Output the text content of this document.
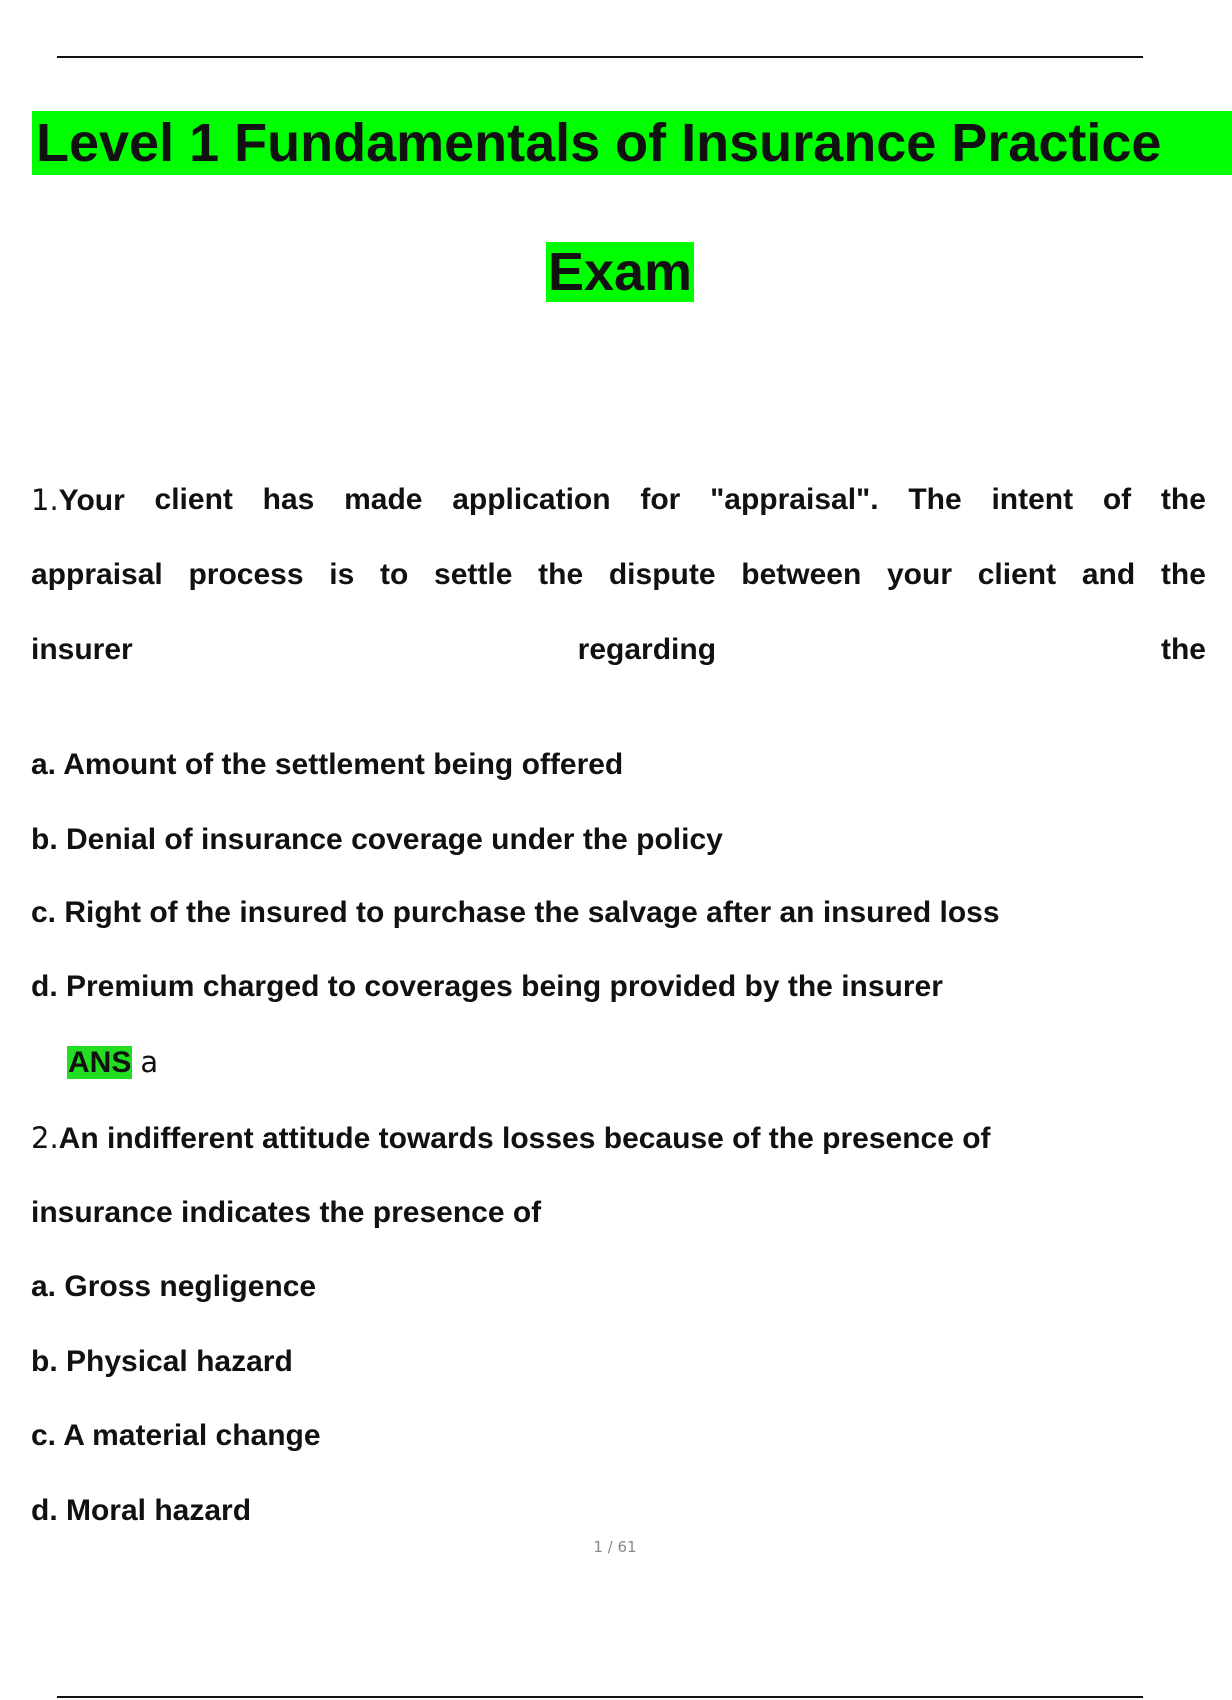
Level 1 Fundamentals of Insurance Practice
Exam
1.Your client has made application for "appraisal". The intent of the
appraisal process is to settle the dispute between your client and the
insurer	regarding	the
a. Amount of the settlement being offered
b. Denial of insurance coverage under the policy
c. Right of the insured to purchase the salvage after an insured loss
d. Premium charged to coverages being provided by the insurer
ANS a
2.An indifferent attitude towards losses because of the presence of
insurance indicates the presence of
a. Gross negligence
b. Physical hazard
c. A material change
d. Moral hazard
1 / 61
